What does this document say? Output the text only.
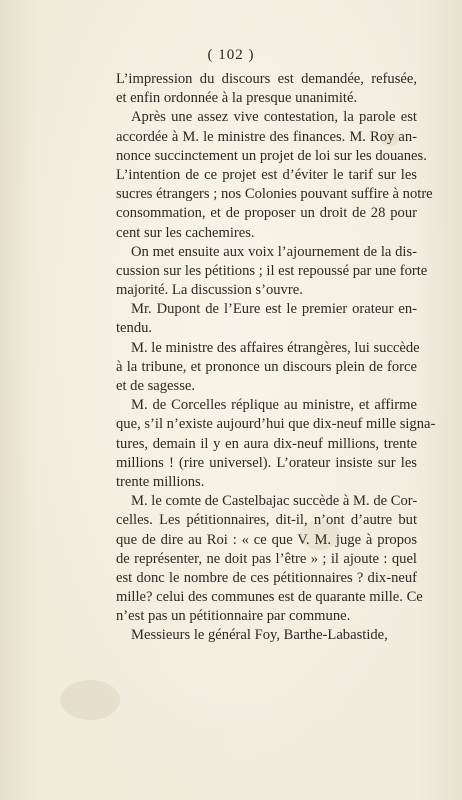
( 102 )
L’impression du discours est demandée, refusée,
et enfin ordonnée à la presque unanimité.
Après une assez vive contestation, la parole est
accordée à M. le ministre des finances. M. Roy an-
nonce succinctement un projet de loi sur les douanes.
L’intention de ce projet est d’éviter le tarif sur les
sucres étrangers ; nos Colonies pouvant suffire à notre
consommation, et de proposer un droit de 28 pour
cent sur les cachemires.
On met ensuite aux voix l’ajournement de la dis-
cussion sur les pétitions ; il est repoussé par une forte
majorité. La discussion s’ouvre.
Mr. Dupont de l’Eure est le premier orateur en-
tendu.
M. le ministre des affaires étrangères, lui succède
à la tribune, et prononce un discours plein de force
et de sagesse.
M. de Corcelles réplique au ministre, et affirme
que, s’il n’existe aujourd’hui que dix-neuf mille signa-
tures, demain il y en aura dix-neuf millions, trente
millions ! (rire universel). L’orateur insiste sur les
trente millions.
M. le comte de Castelbajac succède à M. de Cor-
celles. Les pétitionnaires, dit-il, n’ont d’autre but
que de dire au Roi : « ce que V. M. juge à propos
de représenter, ne doit pas l’être » ; il ajoute : quel
est donc le nombre de ces pétitionnaires ? dix-neuf
mille? celui des communes est de quarante mille. Ce
n’est pas un pétitionnaire par commune.
Messieurs le général Foy, Barthe-Labastide,
